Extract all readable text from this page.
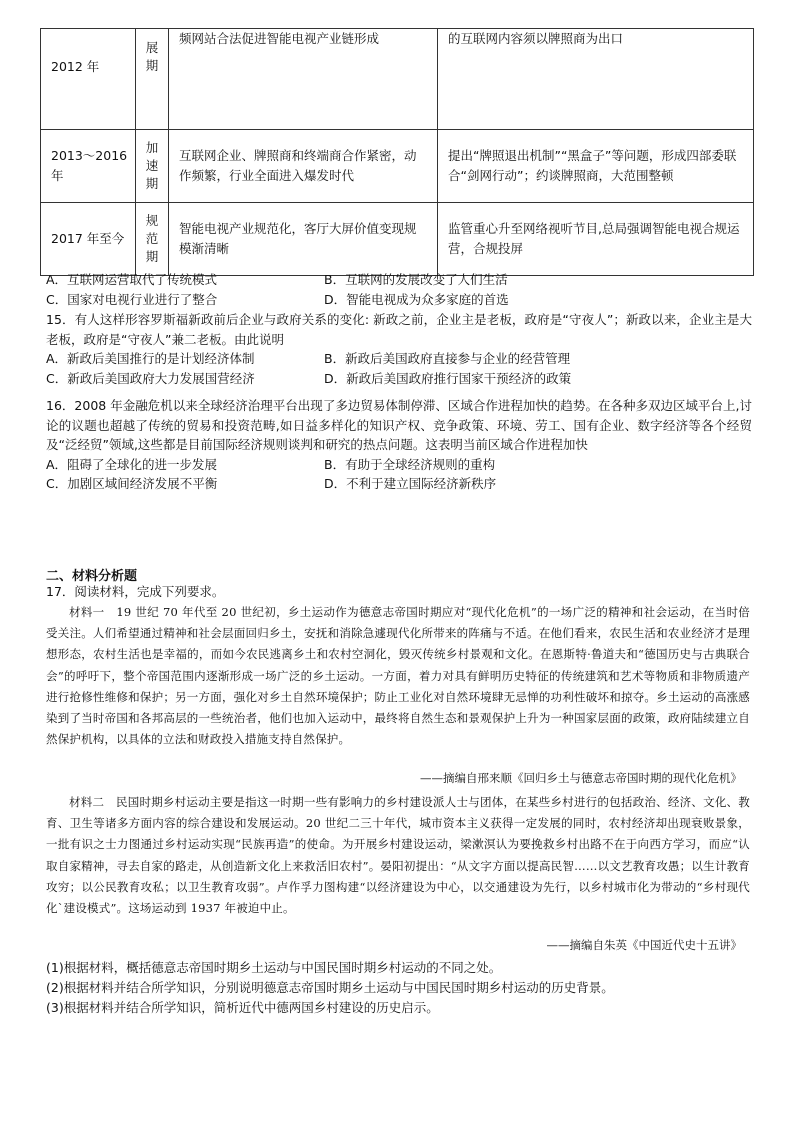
2012 年	展期	频网站合法促进智能电视产业链形成	的互联网内容须以牌照商为出口
2013～2016 年	加速期	互联网企业、牌照商和终端商合作紧密，动作频繁，行业全面进入爆发时代	提出“牌照退出机制”“黑盒子”等问题，形成四部委联合“剑网行动”；约谈牌照商，大范围整顿
2017 年至今	规范期	智能电视产业规范化，客厅大屏价值变现规模渐清晰	监管重心升至网络视听节目,总局强调智能电视合规运营，合规投屏
A．互联网运营取代了传统模式	B．互联网的发展改变了人们生活
C．国家对电视行业进行了整合	D．智能电视成为众多家庭的首选
15．有人这样形容罗斯福新政前后企业与政府关系的变化: 新政之前，企业主是老板，政府是“守夜人”；新政以来，企业主是大老板，政府是“守夜人”兼二老板。由此说明
A．新政后美国推行的是计划经济体制	B．新政后美国政府直接参与企业的经营管理
C．新政后美国政府大力发展国营经济	D．新政后美国政府推行国家干预经济的政策
16．2008 年金融危机以来全球经济治理平台出现了多边贸易体制停滞、区域合作进程加快的趋势。在各种多双边区域平台上,讨论的议题也超越了传统的贸易和投资范畴,如日益多样化的知识产权、竞争政策、环境、劳工、国有企业、数字经济等各个经贸及“泛经贸”领域,这些都是目前国际经济规则谈判和研究的热点问题。这表明当前区域合作进程加快
A．阻碍了全球化的进一步发展	B．有助于全球经济规则的重构
C．加剧区域间经济发展不平衡	D．不利于建立国际经济新秩序
二、材料分析题
17．阅读材料，完成下列要求。
材料一　19 世纪 70 年代至 20 世纪初，乡土运动作为德意志帝国时期应对“现代化危机”的一场广泛的精神和社会运动，在当时倍受关注。人们希望通过精神和社会层面回归乡土，安抚和消除急遽现代化所带来的阵痛与不适。在他们看来，农民生活和农业经济才是理想形态，农村生活也是幸福的，而如今农民逃离乡土和农村空洞化，毁灭传统乡村景观和文化。在恩斯特·鲁道夫和“德国历史与古典联合会”的呼吁下，整个帝国范围内逐渐形成一场广泛的乡土运动。一方面，着力对具有鲜明历史特征的传统建筑和艺术等物质和非物质遗产进行抢修性维修和保护；另一方面，强化对乡土自然环境保护；防止工业化对自然环境肆无忌惮的功利性破坏和掠夺。乡土运动的高涨感染到了当时帝国和各邦高层的一些统治者，他们也加入运动中，最终将自然生态和景观保护上升为一种国家层面的政策，政府陆续建立自然保护机构，以具体的立法和财政投入措施支持自然保护。
——摘编自邢来顺《回归乡土与德意志帝国时期的现代化危机》
材料二　民国时期乡村运动主要是指这一时期一些有影响力的乡村建设派人士与团体，在某些乡村进行的包括政治、经济、文化、教育、卫生等诸多方面内容的综合建设和发展运动。20 世纪二三十年代，城市资本主义获得一定发展的同时，农村经济却出现衰败景象，一批有识之士力图通过乡村运动实现“民族再造”的使命。为开展乡村建设运动，梁漱溟认为要挽救乡村出路不在于向西方学习，而应“认取自家精神，寻去自家的路走，从创造新文化上来救活旧农村”。晏阳初提出：“从文字方面以提高民智……以文艺教育攻愚；以生计教育攻穷；以公民教育攻私；以卫生教育攻弱”。卢作孚力图构建“以经济建设为中心，以交通建设为先行，以乡村城市化为带动的“乡村现代化`建设模式”。这场运动到 1937 年被迫中止。
——摘编自朱英《中国近代史十五讲》
(1)根据材料，概括德意志帝国时期乡土运动与中国民国时期乡村运动的不同之处。
(2)根据材料并结合所学知识，分别说明德意志帝国时期乡土运动与中国民国时期乡村运动的历史背景。
(3)根据材料并结合所学知识，简析近代中德两国乡村建设的历史启示。
